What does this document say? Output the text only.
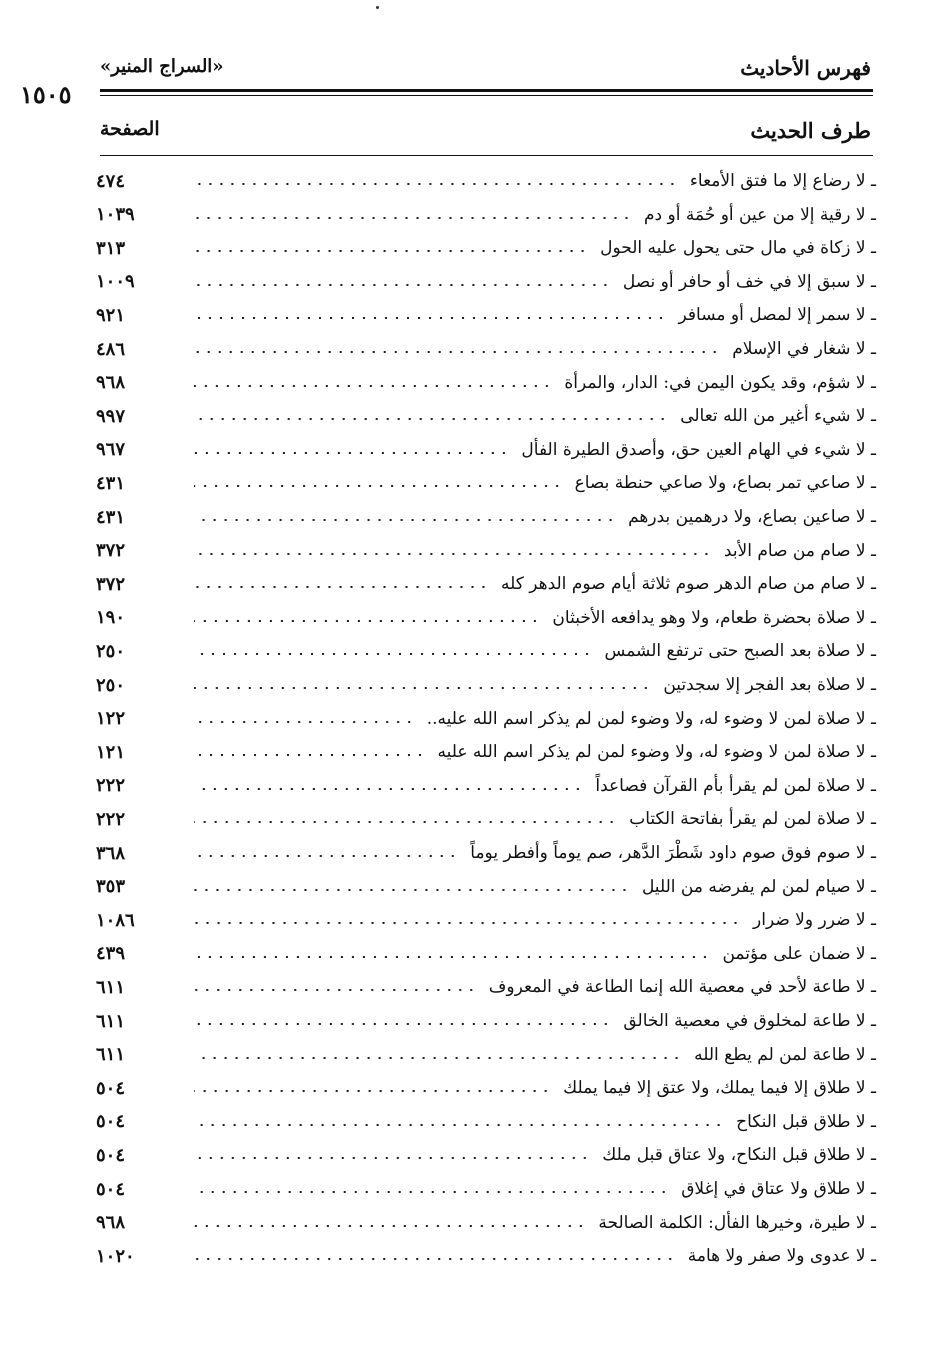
فهرس الأحاديث
«السراج المنير»
١٥٠٥
طرف الحديث
الصفحة
ـ لا رضاع إلا ما فتق الأمعاء
٤٧٤
ـ لا رقية إلا من عين أو حُمَة أو دم
١٠٣٩
ـ لا زكاة في مال حتى يحول عليه الحول
٣١٣
ـ لا سبق إلا في خف أو حافر أو نصل
١٠٠٩
ـ لا سمر إلا لمصل أو مسافر
٩٢١
ـ لا شغار في الإسلام
٤٨٦
ـ لا شؤم، وقد يكون اليمن في: الدار، والمرأة
٩٦٨
ـ لا شيء أغير من الله تعالى
٩٩٧
ـ لا شيء في الهام العين حق، وأصدق الطيرة الفأل
٩٦٧
ـ لا صاعي تمر بصاع، ولا صاعي حنطة بصاع
٤٣١
ـ لا صاعين بصاع، ولا درهمين بدرهم
٤٣١
ـ لا صام من صام الأبد
٣٧٢
ـ لا صام من صام الدهر صوم ثلاثة أيام صوم الدهر كله
٣٧٢
ـ لا صلاة بحضرة طعام، ولا وهو يدافعه الأخبثان
١٩٠
ـ لا صلاة بعد الصبح حتى ترتفع الشمس
٢٥٠
ـ لا صلاة بعد الفجر إلا سجدتين
٢٥٠
ـ لا صلاة لمن لا وضوء له، ولا وضوء لمن لم يذكر اسم الله عليه..
١٢٢
ـ لا صلاة لمن لا وضوء له، ولا وضوء لمن لم يذكر اسم الله عليه
١٢١
ـ لا صلاة لمن لم يقرأ بأم القرآن فصاعداً
٢٢٢
ـ لا صلاة لمن لم يقرأ بفاتحة الكتاب
٢٢٢
ـ لا صوم فوق صوم داود شَطْرَ الدَّهر، صم يوماً وأفطر يوماً
٣٦٨
ـ لا صيام لمن لم يفرضه من الليل
٣٥٣
ـ لا ضرر ولا ضرار
١٠٨٦
ـ لا ضمان على مؤتمن
٤٣٩
ـ لا طاعة لأحد في معصية الله إنما الطاعة في المعروف
٦١١
ـ لا طاعة لمخلوق في معصية الخالق
٦١١
ـ لا طاعة لمن لم يطع الله
٦١١
ـ لا طلاق إلا فيما يملك، ولا عتق إلا فيما يملك
٥٠٤
ـ لا طلاق قبل النكاح
٥٠٤
ـ لا طلاق قبل النكاح، ولا عتاق قبل ملك
٥٠٤
ـ لا طلاق ولا عتاق في إغلاق
٥٠٤
ـ لا طيرة، وخيرها الفأل: الكلمة الصالحة
٩٦٨
ـ لا عدوى ولا صفر ولا هامة
١٠٢٠
